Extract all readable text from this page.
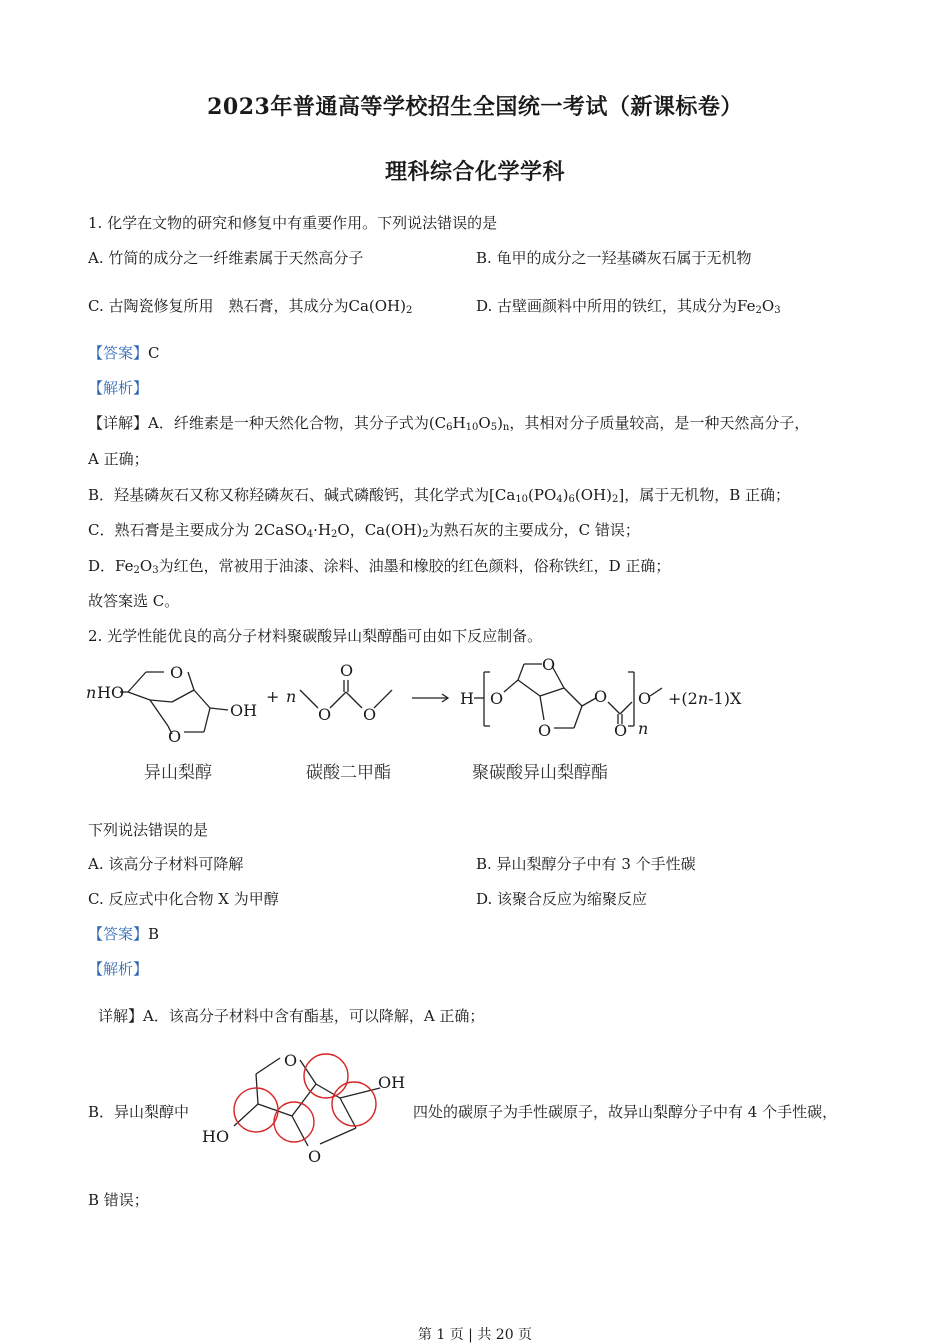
2023年普通高等学校招生全国统一考试（新课标卷）
理科综合化学学科
1. 化学在文物的研究和修复中有重要作用。下列说法错误的是
A. 竹简的成分之一纤维素属于天然高分子	B. 龟甲的成分之一羟基磷灰石属于无机物
C. 古陶瓷修复所用　熟石膏，其成分为$Ca(OH)_2$	D. 古壁画颜料中所用的铁红，其成分为$Fe_2O_3$
【答案】C
【解析】
【详解】A．纤维素是一种天然化合物，其分子式为$(C_6H_{10}O_5)_n$，其相对分子质量较高，是一种天然高分子，
A 正确；
B．羟基磷灰石又称又称羟磷灰石、碱式磷酸钙，其化学式为$[Ca_{10}(PO_4)_6(OH)_2]$，属于无机物，B 正确；
C．熟石膏是主要成分为 $2CaSO_4\cdot H_2O$，$Ca(OH)_2$为熟石灰的主要成分，C 错误；
D．$Fe_2O_3$为红色，常被用于油漆、涂料、油墨和橡胶的红色颜料，俗称铁红，D 正确；
故答案选 C。
2. 光学性能优良的高分子材料聚碳酸异山梨醇酯可由如下反应制备。
n HO
O
O
OH
+ n
O
O
O
H O
O
O
O
O n
O +(2n-1)X
异山梨醇	碳酸二甲酯	聚碳酸异山梨醇酯
下列说法错误的是
A. 该高分子材料可降解	B. 异山梨醇分子中有 3 个手性碳
C. 反应式中化合物 X 为甲醇	D. 该聚合反应为缩聚反应
【答案】B
【解析】
详解】A．该高分子材料中含有酯基，可以降解，A 正确；
B．异山梨醇中
O
OH
HO
O
四处的碳原子为手性碳原子，故异山梨醇分子中有 4 个手性碳，
B 错误；
第 1 页 | 共 20 页
